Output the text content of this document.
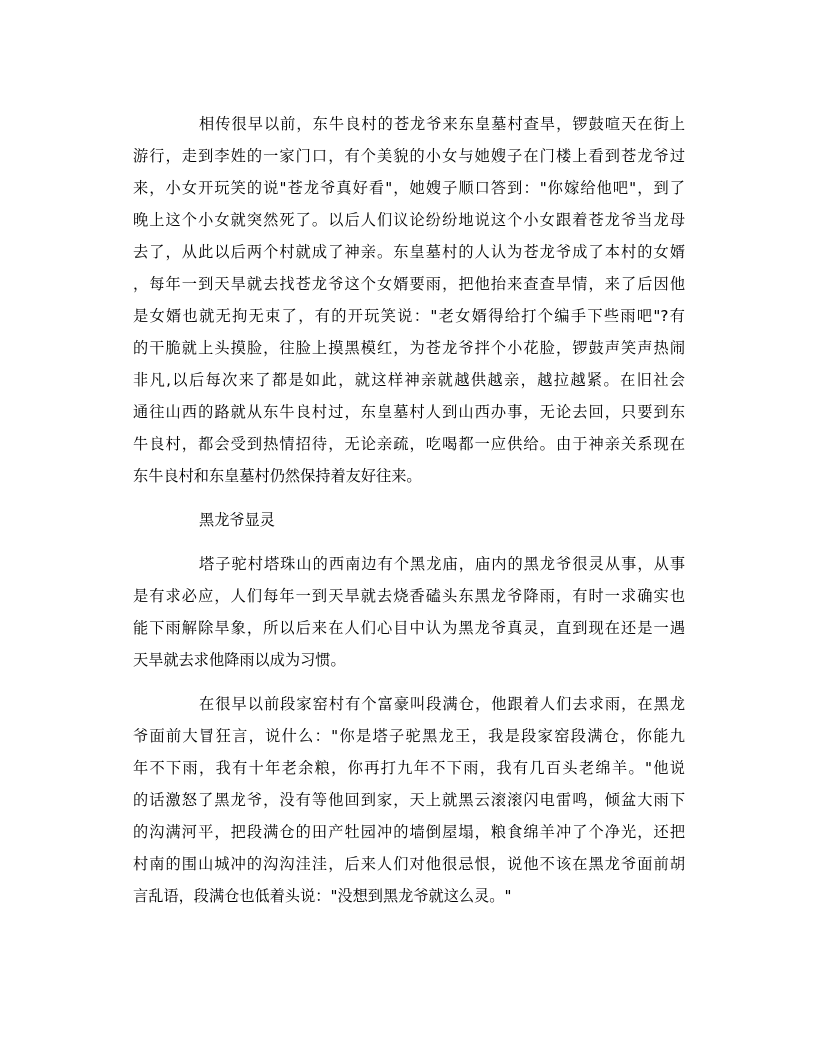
相传很早以前，东牛良村的苍龙爷来东皇墓村查旱，锣鼓喧天在街上
游行，走到李姓的一家门口，有个美貌的小女与她嫂子在门楼上看到苍龙爷过
来，小女开玩笑的说"苍龙爷真好看"，她嫂子顺口答到："你嫁给他吧"，到了
晚上这个小女就突然死了。以后人们议论纷纷地说这个小女跟着苍龙爷当龙母
去了，从此以后两个村就成了神亲。东皇墓村的人认为苍龙爷成了本村的女婿
，每年一到天旱就去找苍龙爷这个女婿要雨，把他抬来查查旱情，来了后因他
是女婿也就无拘无束了，有的开玩笑说："老女婿得给打个编手下些雨吧"?有
的干脆就上头摸脸，往脸上摸黑模红，为苍龙爷拌个小花脸，锣鼓声笑声热闹
非凡,以后每次来了都是如此，就这样神亲就越供越亲，越拉越紧。在旧社会
通往山西的路就从东牛良村过，东皇墓村人到山西办事，无论去回，只要到东
牛良村，都会受到热情招待，无论亲疏，吃喝都一应供给。由于神亲关系现在
东牛良村和东皇墓村仍然保持着友好往来。
黑龙爷显灵
塔子驼村塔珠山的西南边有个黑龙庙，庙内的黑龙爷很灵从事，从事
是有求必应，人们每年一到天旱就去烧香磕头东黑龙爷降雨，有时一求确实也
能下雨解除旱象，所以后来在人们心目中认为黑龙爷真灵，直到现在还是一遇
天旱就去求他降雨以成为习惯。
在很早以前段家窑村有个富豪叫段满仓，他跟着人们去求雨，在黑龙
爷面前大冒狂言，说什么："你是塔子驼黑龙王，我是段家窑段满仓，你能九
年不下雨，我有十年老余粮，你再打九年不下雨，我有几百头老绵羊。"他说
的话激怒了黑龙爷，没有等他回到家，天上就黑云滚滚闪电雷鸣，倾盆大雨下
的沟满河平，把段满仓的田产牡园冲的墙倒屋塌，粮食绵羊冲了个净光，还把
村南的围山城冲的沟沟洼洼，后来人们对他很忌恨，说他不该在黑龙爷面前胡
言乱语，段满仓也低着头说："没想到黑龙爷就这么灵。"
